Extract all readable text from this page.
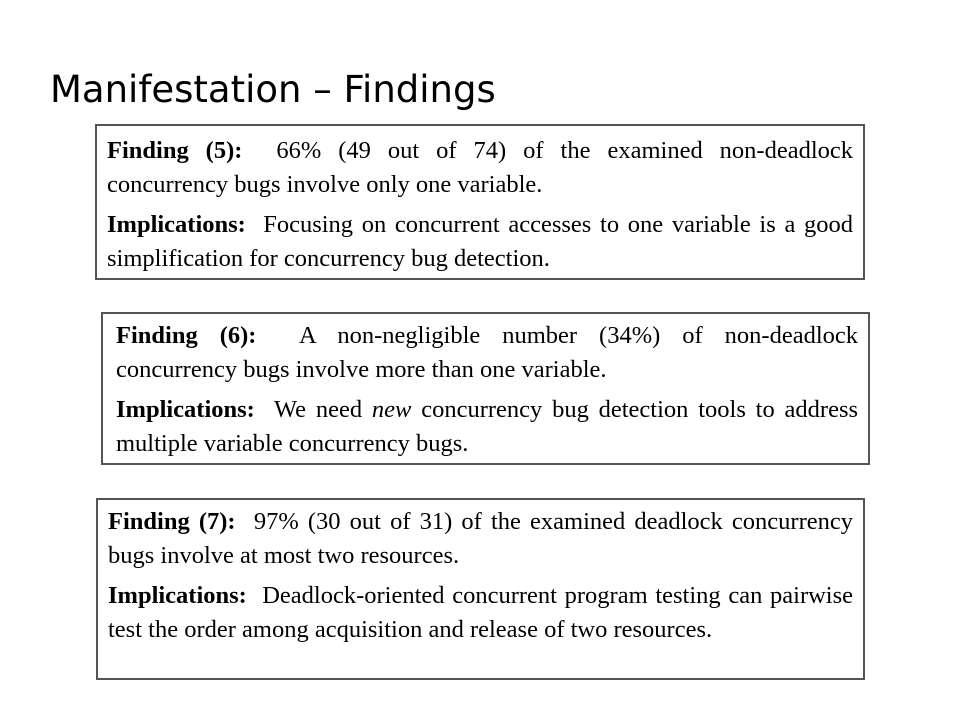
Manifestation – Findings

Finding (5): 66% (49 out of 74) of the examined non-deadlock concurrency bugs involve only one variable.

Implications: Focusing on concurrent accesses to one variable is a good simplification for concurrency bug detection.

Finding (6): A non-negligible number (34%) of non-deadlock concurrency bugs involve more than one variable.

Implications: We need new concurrency bug detection tools to address multiple variable concurrency bugs.

Finding (7): 97% (30 out of 31) of the examined deadlock concurrency bugs involve at most two resources.

Implications: Deadlock-oriented concurrent program testing can pairwise test the order among acquisition and release of two resources.
